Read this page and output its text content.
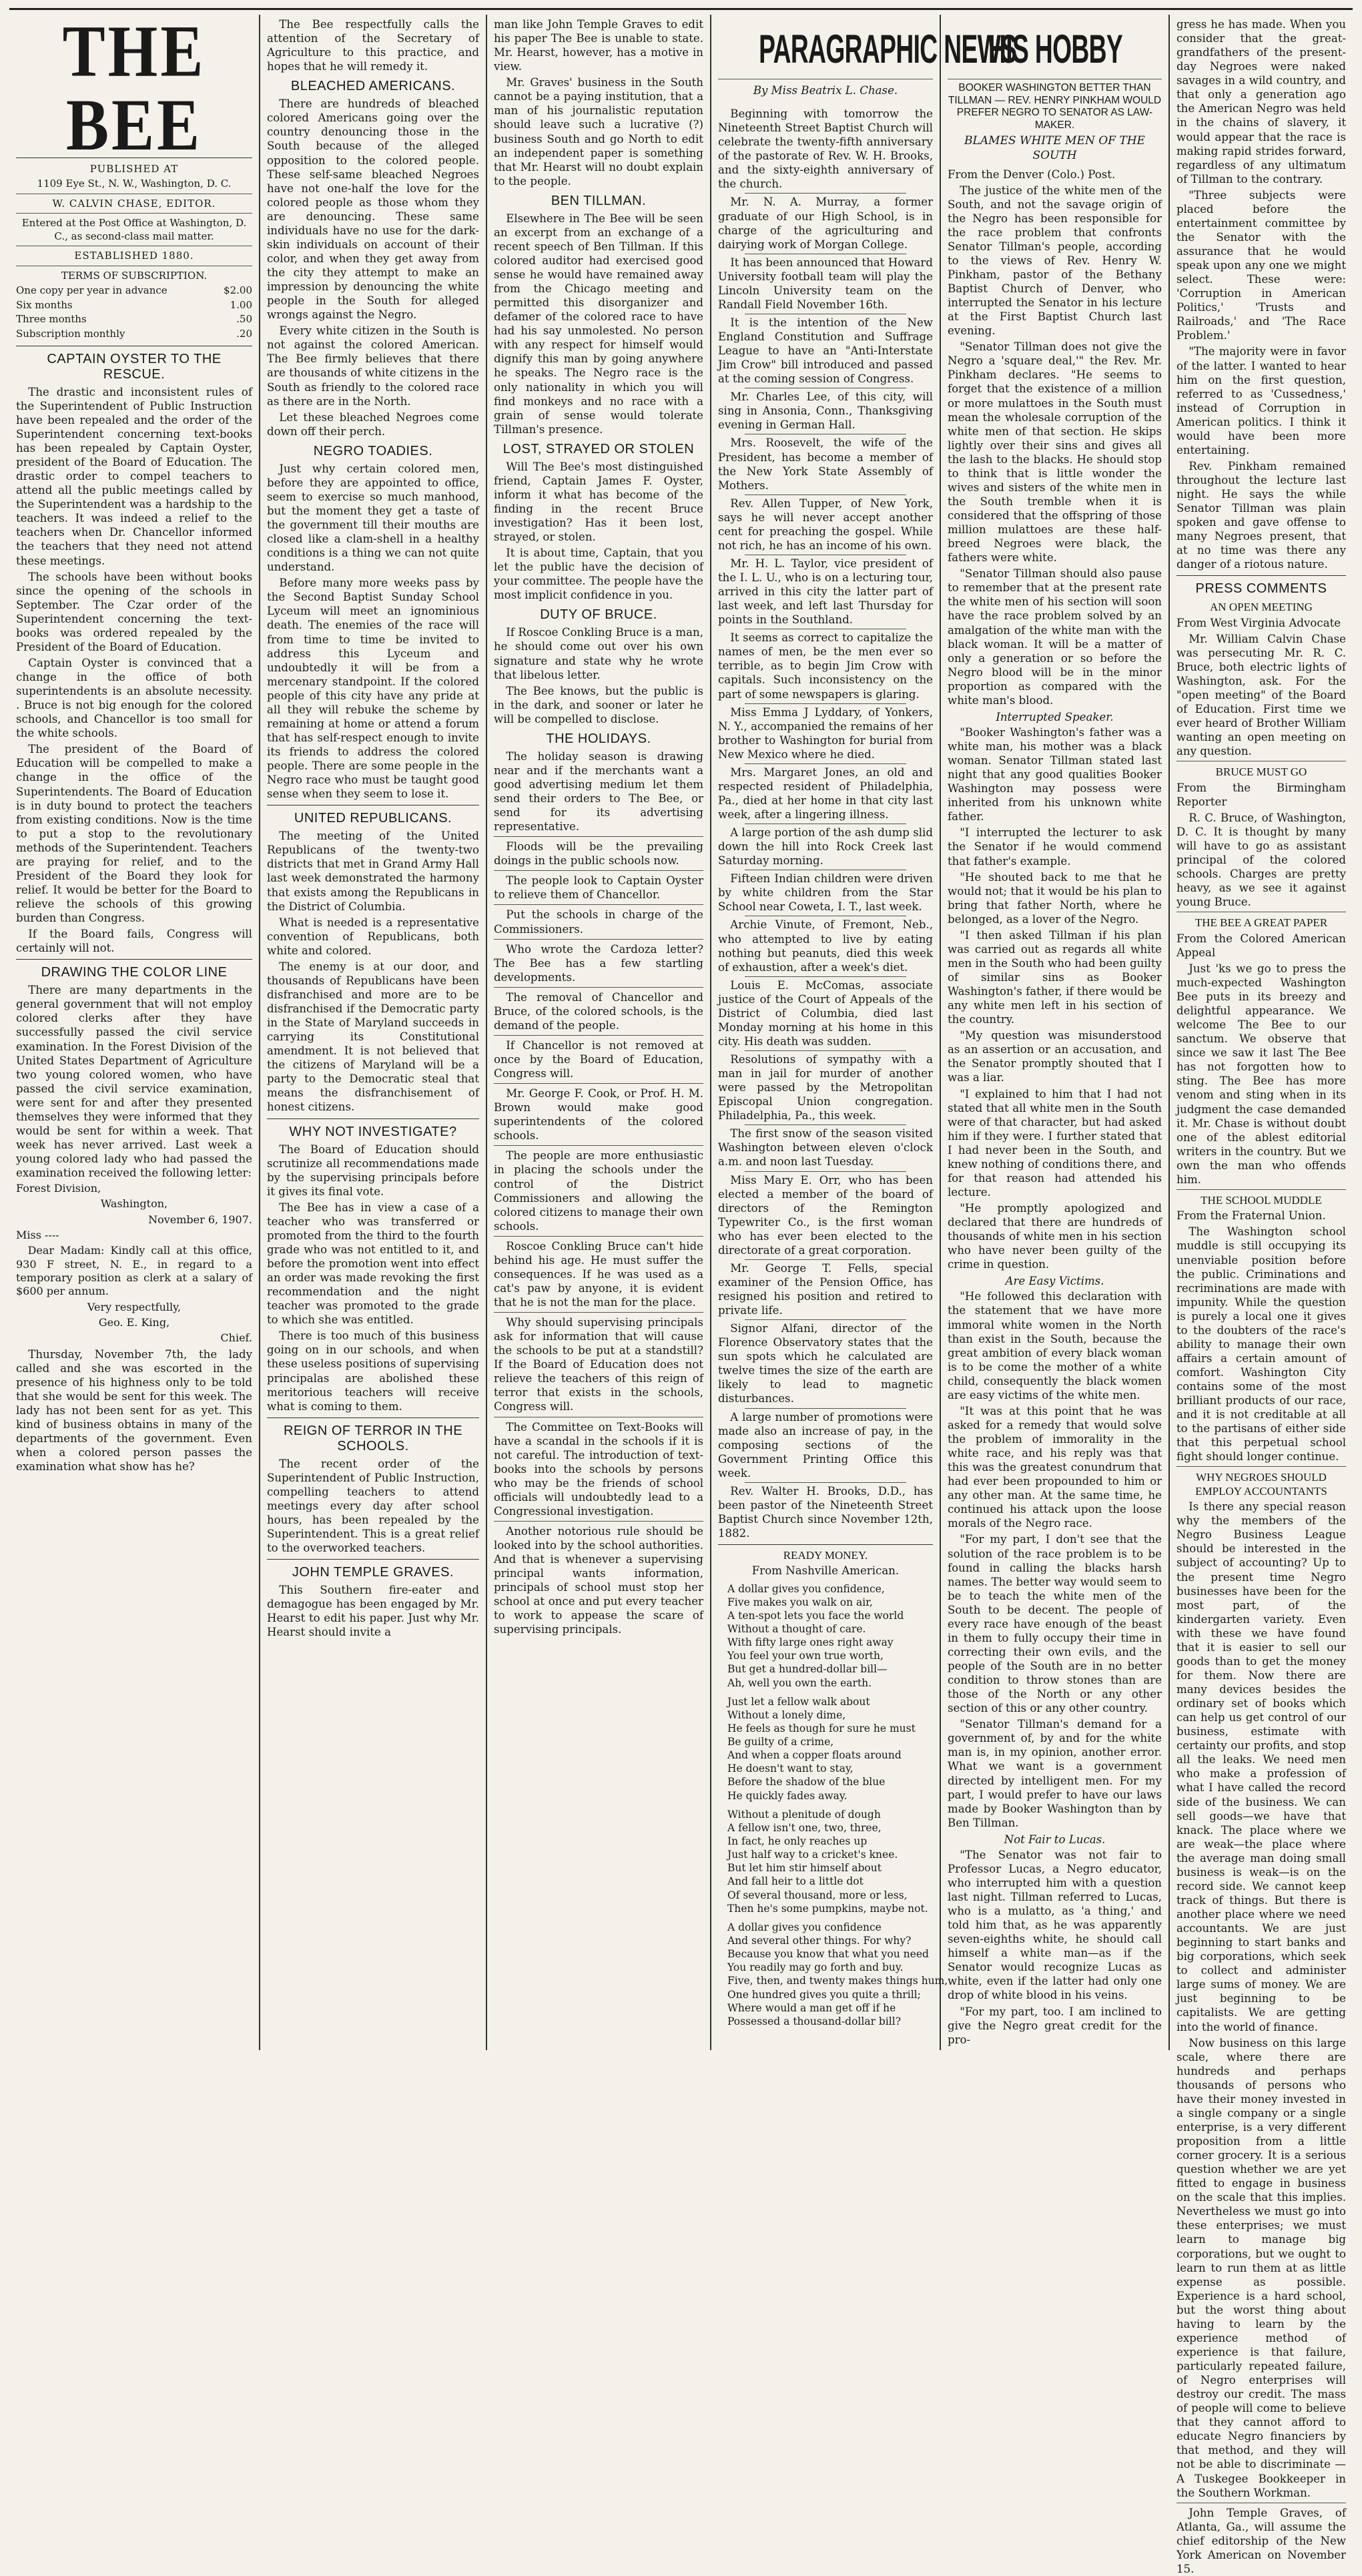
THE BEE
PUBLISHED AT
1109 Eye St., N. W., Washington, D. C.
W. CALVIN CHASE, EDITOR.
Entered at the Post Office at Washington, D. C., as second-class mail matter.
ESTABLISHED 1880.
TERMS OF SUBSCRIPTION.
One copy per year in advance	$2.00
Six months	1.00
Three months	.50
Subscription monthly	.20
CAPTAIN OYSTER TO THE RESCUE.

The drastic and inconsistent rules of the Superintendent of Public Instruction have been repealed and the order of the Superintendent concerning text-books has been repealed by Captain Oyster, president of the Board of Education. The drastic order to compel teachers to attend all the public meetings called by the Superintendent was a hardship to the teachers. It was indeed a relief to the teachers when Dr. Chancellor informed the teachers that they need not attend these meetings.

The schools have been without books since the opening of the schools in September. The Czar order of the Superintendent concerning the text-books was ordered repealed by the President of the Board of Education.

Captain Oyster is convinced that a change in the office of both superintendents is an absolute necessity. . Bruce is not big enough for the colored schools, and Chancellor is too small for the white schools.

The president of the Board of Education will be compelled to make a change in the office of the Superintendents. The Board of Education is in duty bound to protect the teachers from existing conditions. Now is the time to put a stop to the revolutionary methods of the Superintendent. Teachers are praying for relief, and to the President of the Board they look for relief. It would be better for the Board to relieve the schools of this growing burden than Congress.

If the Board fails, Congress will certainly will not.

DRAWING THE COLOR LINE

There are many departments in the general government that will not employ colored clerks after they have successfully passed the civil service examination. In the Forest Division of the United States Department of Agriculture two young colored women, who have passed the civil service examination, were sent for and after they presented themselves they were informed that they would be sent for within a week. That week has never arrived. Last week a young colored lady who had passed the examination received the following letter:

Forest Division,

Washington,

November 6, 1907.

Miss ----

Dear Madam: Kindly call at this office, 930 F street, N. E., in regard to a temporary position as clerk at a salary of $600 per annum.

Very respectfully,

Geo. E. King,

Chief.

Thursday, November 7th, the lady called and she was escorted in the presence of his highness only to be told that she would be sent for this week. The lady has not been sent for as yet. This kind of business obtains in many of the departments of the government. Even when a colored person passes the examination what show has he?

The Bee respectfully calls the attention of the Secretary of Agriculture to this practice, and hopes that he will remedy it.

BLEACHED AMERICANS.

There are hundreds of bleached colored Americans going over the country denouncing those in the South because of the alleged opposition to the colored people. These self-same bleached Negroes have not one-half the love for the colored people as those whom they are denouncing. These same individuals have no use for the dark-skin individuals on account of their color, and when they get away from the city they attempt to make an impression by denouncing the white people in the South for alleged wrongs against the Negro.

Every white citizen in the South is not against the colored American. The Bee firmly believes that there are thousands of white citizens in the South as friendly to the colored race as there are in the North.

Let these bleached Negroes come down off their perch.

NEGRO TOADIES.

Just why certain colored men, before they are appointed to office, seem to exercise so much manhood, but the moment they get a taste of the government till their mouths are closed like a clam-shell in a healthy conditions is a thing we can not quite understand.

Before many more weeks pass by the Second Baptist Sunday School Lyceum will meet an ignominious death. The enemies of the race will from time to time be invited to address this Lyceum and undoubtedly it will be from a mercenary standpoint. If the colored people of this city have any pride at all they will rebuke the scheme by remaining at home or attend a forum that has self-respect enough to invite its friends to address the colored people. There are some people in the Negro race who must be taught good sense when they seem to lose it.

UNITED REPUBLICANS.

The meeting of the United Republicans of the twenty-two districts that met in Grand Army Hall last week demonstrated the harmony that exists among the Republicans in the District of Columbia.

What is needed is a representative convention of Republicans, both white and colored.

The enemy is at our door, and thousands of Republicans have been disfranchised and more are to be disfranchised if the Democratic party in the State of Maryland succeeds in carrying its Constitutional amendment. It is not believed that the citizens of Maryland will be a party to the Democratic steal that means the disfranchisement of honest citizens.

WHY NOT INVESTIGATE?

The Board of Education should scrutinize all recommendations made by the supervising principals before it gives its final vote.

The Bee has in view a case of a teacher who was transferred or promoted from the third to the fourth grade who was not entitled to it, and before the promotion went into effect an order was made revoking the first recommendation and the night teacher was promoted to the grade to which she was entitled.

There is too much of this business going on in our schools, and when these useless positions of supervising principalas are abolished these meritorious teachers will receive what is coming to them.

REIGN OF TERROR IN THE SCHOOLS.

The recent order of the Superintendent of Public Instruction, compelling teachers to attend meetings every day after school hours, has been repealed by the Superintendent. This is a great relief to the overworked teachers.

JOHN TEMPLE GRAVES.

This Southern fire-eater and demagogue has been engaged by Mr. Hearst to edit his paper. Just why Mr. Hearst should invite a

man like John Temple Graves to edit his paper The Bee is unable to state. Mr. Hearst, however, has a motive in view.

Mr. Graves' business in the South cannot be a paying institution, that a man of his journalistic reputation should leave such a lucrative (?) business South and go North to edit an independent paper is something that Mr. Hearst will no doubt explain to the people.

BEN TILLMAN.

Elsewhere in The Bee will be seen an excerpt from an exchange of a recent speech of Ben Tillman. If this colored auditor had exercised good sense he would have remained away from the Chicago meeting and permitted this disorganizer and defamer of the colored race to have had his say unmolested. No person with any respect for himself would dignify this man by going anywhere he speaks. The Negro race is the only nationality in which you will find monkeys and no race with a grain of sense would tolerate Tillman's presence.

LOST, STRAYED OR STOLEN

Will The Bee's most distinguished friend, Captain James F. Oyster, inform it what has become of the finding in the recent Bruce investigation? Has it been lost, strayed, or stolen.

It is about time, Captain, that you let the public have the decision of your committee. The people have the most implicit confidence in you.

DUTY OF BRUCE.

If Roscoe Conkling Bruce is a man, he should come out over his own signature and state why he wrote that libelous letter.

The Bee knows, but the public is in the dark, and sooner or later he will be compelled to disclose.

THE HOLIDAYS.

The holiday season is drawing near and if the merchants want a good advertising medium let them send their orders to The Bee, or send for its advertising representative.

Floods will be the prevailing doings in the public schools now.

The people look to Captain Oyster to relieve them of Chancellor.

Put the schools in charge of the Commissioners.

Who wrote the Cardoza letter? The Bee has a few startling developments.

The removal of Chancellor and Bruce, of the colored schools, is the demand of the people.

If Chancellor is not removed at once by the Board of Education, Congress will.

Mr. George F. Cook, or Prof. H. M. Brown would make good superintendents of the colored schools.

The people are more enthusiastic in placing the schools under the control of the District Commissioners and allowing the colored citizens to manage their own schools.

Roscoe Conkling Bruce can't hide behind his age. He must suffer the consequences. If he was used as a cat's paw by anyone, it is evident that he is not the man for the place.

Why should supervising principals ask for information that will cause the schools to be put at a standstill? If the Board of Education does not relieve the teachers of this reign of terror that exists in the schools, Congress will.

The Committee on Text-Books will have a scandal in the schools if it is not careful. The introduction of text-books into the schools by persons who may be the friends of school officials will undoubtedly lead to a Congressional investigation.

Another notorious rule should be looked into by the school authorities. And that is whenever a supervising principal wants information, principals of school must stop her school at once and put every teacher to work to appease the scare of supervising principals.

PARAGRAPHIC NEWS
By Miss Beatrix L. Chase.

Beginning with tomorrow the Nineteenth Street Baptist Church will celebrate the twenty-fifth anniversary of the pastorate of Rev. W. H. Brooks, and the sixty-eighth anniversary of the church.

Mr. N. A. Murray, a former graduate of our High School, is in charge of the agriculturing and dairying work of Morgan College.

It has been announced that Howard University football team will play the Lincoln University team on the Randall Field November 16th.

It is the intention of the New England Constitution and Suffrage League to have an "Anti-Interstate Jim Crow" bill introduced and passed at the coming session of Congress.

Mr. Charles Lee, of this city, will sing in Ansonia, Conn., Thanksgiving evening in German Hall.

Mrs. Roosevelt, the wife of the President, has become a member of the New York State Assembly of Mothers.

Rev. Allen Tupper, of New York, says he will never accept another cent for preaching the gospel. While not rich, he has an income of his own.

Mr. H. L. Taylor, vice president of the I. L. U., who is on a lecturing tour, arrived in this city the latter part of last week, and left last Thursday for points in the Southland.

It seems as correct to capitalize the names of men, be the men ever so terrible, as to begin Jim Crow with capitals. Such inconsistency on the part of some newspapers is glaring.

Miss Emma J Lyddary, of Yonkers, N. Y., accompanied the remains of her brother to Washington for burial from New Mexico where he died.

Mrs. Margaret Jones, an old and respected resident of Philadelphia, Pa., died at her home in that city last week, after a lingering illness.

A large portion of the ash dump slid down the hill into Rock Creek last Saturday morning.

Fifteen Indian children were driven by white children from the Star School near Coweta, I. T., last week.

Archie Vinute, of Fremont, Neb., who attempted to live by eating nothing but peanuts, died this week of exhaustion, after a week's diet.

Louis E. McComas, associate justice of the Court of Appeals of the District of Columbia, died last Monday morning at his home in this city. His death was sudden.

Resolutions of sympathy with a man in jail for murder of another were passed by the Metropolitan Episcopal Union congregation. Philadelphia, Pa., this week.

The first snow of the season visited Washington between eleven o'clock a.m. and noon last Tuesday.

Miss Mary E. Orr, who has been elected a member of the board of directors of the Remington Typewriter Co., is the first woman who has ever been elected to the directorate of a great corporation.

Mr. George T. Fells, special examiner of the Pension Office, has resigned his position and retired to private life.

Signor Alfani, director of the Florence Observatory states that the sun spots which he calculated are twelve times the size of the earth are likely to lead to magnetic disturbances.

A large number of promotions were made also an increase of pay, in the composing sections of the Government Printing Office this week.

Rev. Walter H. Brooks, D.D., has been pastor of the Nineteenth Street Baptist Church since November 12th, 1882.

READY MONEY.

From Nashville American.

A dollar gives you confidence,
Five makes you walk on air,
A ten-spot lets you face the world
Without a thought of care.
With fifty large ones right away
You feel your own true worth,
But get a hundred-dollar bill—
Ah, well you own the earth.
Just let a fellow walk about
Without a lonely dime,
He feels as though for sure he must
Be guilty of a crime,
And when a copper floats around
He doesn't want to stay,
Before the shadow of the blue
He quickly fades away.
Without a plenitude of dough
A fellow isn't one, two, three,
In fact, he only reaches up
Just half way to a cricket's knee.
But let him stir himself about
And fall heir to a little dot
Of several thousand, more or less,
Then he's some pumpkins, maybe not.
A dollar gives you confidence
And several other things. For why?
Because you know that what you need
You readily may go forth and buy.
Five, then, and twenty makes things hum,
One hundred gives you quite a thrill;
Where would a man get off if he
Possessed a thousand-dollar bill?
HIS HOBBY
BOOKER WASHINGTON BETTER THAN TILLMAN — REV. HENRY PINKHAM WOULD PREFER NEGRO TO SENATOR AS LAW-MAKER.
BLAMES WHITE MEN OF THE SOUTH

From the Denver (Colo.) Post.

The justice of the white men of the South, and not the savage origin of the Negro has been responsible for the race problem that confronts Senator Tillman's people, according to the views of Rev. Henry W. Pinkham, pastor of the Bethany Baptist Church of Denver, who interrupted the Senator in his lecture at the First Baptist Church last evening.

"Senator Tillman does not give the Negro a 'square deal,'" the Rev. Mr. Pinkham declares. "He seems to forget that the existence of a million or more mulattoes in the South must mean the wholesale corruption of the white men of that section. He skips lightly over their sins and gives all the lash to the blacks. He should stop to think that is little wonder the wives and sisters of the white men in the South tremble when it is considered that the offspring of those million mulattoes are these half-breed Negroes were black, the fathers were white.

"Senator Tillman should also pause to remember that at the present rate the white men of his section will soon have the race problem solved by an amalgation of the white man with the black woman. It will be a matter of only a generation or so before the Negro blood will be in the minor proportion as compared with the white man's blood.

Interrupted Speaker.

"Booker Washington's father was a white man, his mother was a black woman. Senator Tillman stated last night that any good qualities Booker Washington may possess were inherited from his unknown white father.

"I interrupted the lecturer to ask the Senator if he would commend that father's example.

"He shouted back to me that he would not; that it would be his plan to bring that father North, where he belonged, as a lover of the Negro.

"I then asked Tillman if his plan was carried out as regards all white men in the South who had been guilty of similar sins as Booker Washington's father, if there would be any white men left in his section of the country.

"My question was misunderstood as an assertion or an accusation, and the Senator promptly shouted that I was a liar.

"I explained to him that I had not stated that all white men in the South were of that character, but had asked him if they were. I further stated that I had never been in the South, and knew nothing of conditions there, and for that reason had attended his lecture.

"He promptly apologized and declared that there are hundreds of thousands of white men in his section who have never been guilty of the crime in question.

Are Easy Victims.

"He followed this declaration with the statement that we have more immoral white women in the North than exist in the South, because the great ambition of every black woman is to be come the mother of a white child, consequently the black women are easy victims of the white men.

"It was at this point that he was asked for a remedy that would solve the problem of immorality in the white race, and his reply was that this was the greatest conundrum that had ever been propounded to him or any other man. At the same time, he continued his attack upon the loose morals of the Negro race.

"For my part, I don't see that the solution of the race problem is to be found in calling the blacks harsh names. The better way would seem to be to teach the white men of the South to be decent. The people of every race have enough of the beast in them to fully occupy their time in correcting their own evils, and the people of the South are in no better condition to throw stones than are those of the North or any other section of this or any other country.

"Senator Tillman's demand for a government of, by and for the white man is, in my opinion, another error. What we want is a government directed by intelligent men. For my part, I would prefer to have our laws made by Booker Washington than by Ben Tillman.

Not Fair to Lucas.

"The Senator was not fair to Professor Lucas, a Negro educator, who interrupted him with a question last night. Tillman referred to Lucas, who is a mulatto, as 'a thing,' and told him that, as he was apparently seven-eighths white, he should call himself a white man—as if the Senator would recognize Lucas as white, even if the latter had only one drop of white blood in his veins.

"For my part, too. I am inclined to give the Negro great credit for the pro-

gress he has made. When you consider that the great-grandfathers of the present-day Negroes were naked savages in a wild country, and that only a generation ago the American Negro was held in the chains of slavery, it would appear that the race is making rapid strides forward, regardless of any ultimatum of Tillman to the contrary.

"Three subjects were placed before the entertainment committee by the Senator with the assurance that he would speak upon any one we might select. These were: 'Corruption in American Politics,' 'Trusts and Railroads,' and 'The Race Problem.'

"The majority were in favor of the latter. I wanted to hear him on the first question, referred to as 'Cussedness,' instead of Corruption in American politics. I think it would have been more entertaining.

Rev. Pinkham remained throughout the lecture last night. He says the while Senator Tillman was plain spoken and gave offense to many Negroes present, that at no time was there any danger of a riotous nature.

PRESS COMMENTS
AN OPEN MEETING

From West Virginia Advocate

Mr. William Calvin Chase was persecuting Mr. R. C. Bruce, both electric lights of Washington, ask. For the "open meeting" of the Board of Education. First time we ever heard of Brother William wanting an open meeting on any question.

BRUCE MUST GO

From the Birmingham Reporter

R. C. Bruce, of Washington, D. C. It is thought by many will have to go as assistant principal of the colored schools. Charges are pretty heavy, as we see it against young Bruce.

THE BEE A GREAT PAPER

From the Colored American Appeal

Just 'ks we go to press the much-expected Washington Bee puts in its breezy and delightful appearance. We welcome The Bee to our sanctum. We observe that since we saw it last The Bee has not forgotten how to sting. The Bee has more venom and sting when in its judgment the case demanded it. Mr. Chase is without doubt one of the ablest editorial writers in the country. But we own the man who offends him.

THE SCHOOL MUDDLE

From the Fraternal Union.

The Washington school muddle is still occupying its unenviable position before the public. Criminations and recriminations are made with impunity. While the question is purely a local one it gives to the doubters of the race's ability to manage their own affairs a certain amount of comfort. Washington City contains some of the most brilliant products of our race, and it is not creditable at all to the partisans of either side that this perpetual school fight should longer continue.

WHY NEGROES SHOULD EMPLOY ACCOUNTANTS

Is there any special reason why the members of the Negro Business League should be interested in the subject of accounting? Up to the present time Negro businesses have been for the most part, of the kindergarten variety. Even with these we have found that it is easier to sell our goods than to get the money for them. Now there are many devices besides the ordinary set of books which can help us get control of our business, estimate with certainty our profits, and stop all the leaks. We need men who make a profession of what I have called the record side of the business. We can sell goods—we have that knack. The place where we are weak—the place where the average man doing small business is weak—is on the record side. We cannot keep track of things. But there is another place where we need accountants. We are just beginning to start banks and big corporations, which seek to collect and administer large sums of money. We are just beginning to be capitalists. We are getting into the world of finance.

Now business on this large scale, where there are hundreds and perhaps thousands of persons who have their money invested in a single company or a single enterprise, is a very different proposition from a little corner grocery. It is a serious question whether we are yet fitted to engage in business on the scale that this implies. Nevertheless we must go into these enterprises; we must learn to manage big corporations, but we ought to learn to run them at as little expense as possible. Experience is a hard school, but the worst thing about having to learn by the experience method of experience is that failure, particularly repeated failure, of Negro enterprises will destroy our credit. The mass of people will come to believe that they cannot afford to educate Negro financiers by that method, and they will not be able to discriminate — A Tuskegee Bookkeeper in the Southern Workman.

John Temple Graves, of Atlanta, Ga., will assume the chief editorship of the New York American on November 15.
